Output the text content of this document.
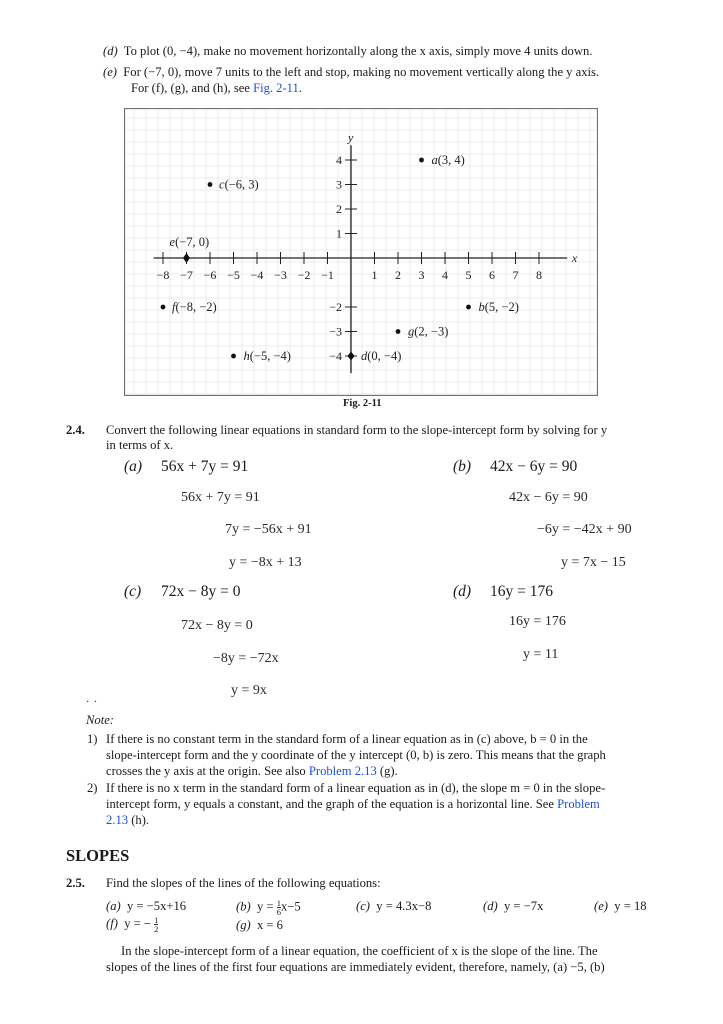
(d) To plot (0, −4), make no movement horizontally along the x axis, simply move 4 units down.
(e) For (−7, 0), move 7 units to the left and stop, making no movement vertically along the y axis.
For (f), (g), and (h), see Fig. 2-11.
x
y
−8 −7 −6 −5 −4 −3 −2 −1	1 2 3 4 5 6 7 8
4
3
2
1
−2
−3
−4
a(3, 4)
c(−6, 3)
e(−7, 0)
f(−8, −2)	b(5, −2)
g(2, −3)
h(−5, −4)	d(0, −4)
Fig. 2-11
2.4. Convert the following linear equations in standard form to the slope-intercept form by solving for y
in terms of x.
(a) 56x + 7y = 91
56x + 7y = 91
7y = −56x + 91
y = −8x + 13
(b) 42x − 6y = 90
42x − 6y = 90
−6y = −42x + 90
y = 7x − 15
(c) 72x − 8y = 0
72x − 8y = 0
−8y = −72x
y = 9x
(d) 16y = 176
16y = 176
y = 11
· ·
Note:
1) If there is no constant term in the standard form of a linear equation as in (c) above, b = 0 in the
slope-intercept form and the y coordinate of the y intercept (0, b) is zero. This means that the graph
crosses the y axis at the origin. See also Problem 2.13 (g).
2) If there is no x term in the standard form of a linear equation as in (d), the slope m = 0 in the slope-
intercept form, y equals a constant, and the graph of the equation is a horizontal line. See Problem
2.13 (h).
SLOPES
2.5. Find the slopes of the lines of the following equations:
(a) y = −5x+16	(b) $y = \frac{1}{6} x-5$	(c) y = 4.3x−8	(d) y = −7x	(e) y = 18
(f) y = − $\frac{1}{2}$	(g) x = 6
In the slope-intercept form of a linear equation, the coefficient of x is the slope of the line. The
slopes of the lines of the first four equations are immediately evident, therefore, namely, (a) −5, (b)
